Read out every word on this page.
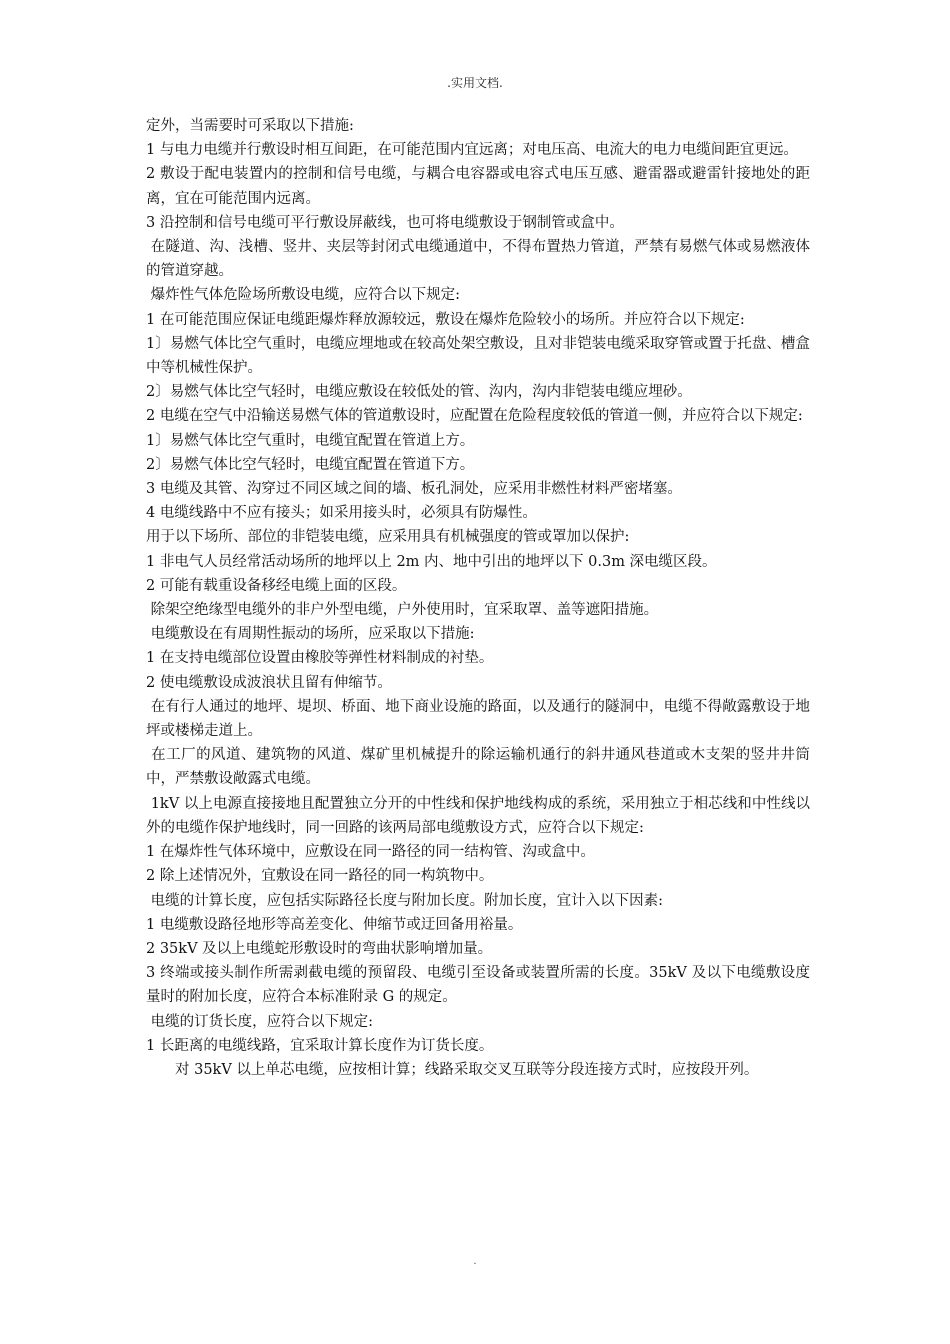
.实用文档.

定外，当需要时可采取以下措施:

1 与电力电缆并行敷设时相互间距，在可能范围内宜远离；对电压高、电流大的电力电缆间距宜更远。

2 敷设于配电装置内的控制和信号电缆，与耦合电容器或电容式电压互感、避雷器或避雷针接地处的距离，宜在可能范围内远离。

3 沿控制和信号电缆可平行敷设屏蔽线，也可将电缆敷设于钢制管或盒中。

在隧道、沟、浅槽、竖井、夹层等封闭式电缆通道中，不得布置热力管道，严禁有易燃气体或易燃液体的管道穿越。

爆炸性气体危险场所敷设电缆，应符合以下规定:

1 在可能范围应保证电缆距爆炸释放源较远，敷设在爆炸危险较小的场所。并应符合以下规定:

1〕易燃气体比空气重时，电缆应埋地或在较高处架空敷设，且对非铠装电缆采取穿管或置于托盘、槽盒中等机械性保护。

2〕易燃气体比空气轻时，电缆应敷设在较低处的管、沟内，沟内非铠装电缆应埋砂。

2 电缆在空气中沿输送易燃气体的管道敷设时，应配置在危险程度较低的管道一侧，并应符合以下规定:

1〕易燃气体比空气重时，电缆宜配置在管道上方。

2〕易燃气体比空气轻时，电缆宜配置在管道下方。

3 电缆及其管、沟穿过不同区域之间的墙、板孔洞处，应采用非燃性材料严密堵塞。

4 电缆线路中不应有接头；如采用接头时，必须具有防爆性。

用于以下场所、部位的非铠装电缆，应采用具有机械强度的管或罩加以保护:

1 非电气人员经常活动场所的地坪以上 2m 内、地中引出的地坪以下 0.3m 深电缆区段。

2 可能有载重设备移经电缆上面的区段。

除架空绝缘型电缆外的非户外型电缆，户外使用时，宜采取罩、盖等遮阳措施。

电缆敷设在有周期性振动的场所，应采取以下措施:

1 在支持电缆部位设置由橡胶等弹性材料制成的衬垫。

2 使电缆敷设成波浪状且留有伸缩节。

在有行人通过的地坪、堤坝、桥面、地下商业设施的路面，以及通行的隧洞中，电缆不得敞露敷设于地坪或楼梯走道上。

在工厂的风道、建筑物的风道、煤矿里机械提升的除运输机通行的斜井通风巷道或木支架的竖井井筒中，严禁敷设敞露式电缆。

1kV 以上电源直接接地且配置独立分开的中性线和保护地线构成的系统，采用独立于相芯线和中性线以外的电缆作保护地线时，同一回路的该两局部电缆敷设方式，应符合以下规定:

1 在爆炸性气体环境中，应敷设在同一路径的同一结构管、沟或盒中。

2 除上述情况外，宜敷设在同一路径的同一构筑物中。

电缆的计算长度，应包括实际路径长度与附加长度。附加长度，宜计入以下因素:

1 电缆敷设路径地形等高差变化、伸缩节或迂回备用裕量。

2 35kV 及以上电缆蛇形敷设时的弯曲状影响增加量。

3 终端或接头制作所需剥截电缆的预留段、电缆引至设备或装置所需的长度。35kV 及以下电缆敷设度量时的附加长度，应符合本标准附录 G 的规定。

电缆的订货长度，应符合以下规定:

1 长距离的电缆线路，宜采取计算长度作为订货长度。

　　对 35kV 以上单芯电缆，应按相计算；线路采取交叉互联等分段连接方式时，应按段开列。

.
